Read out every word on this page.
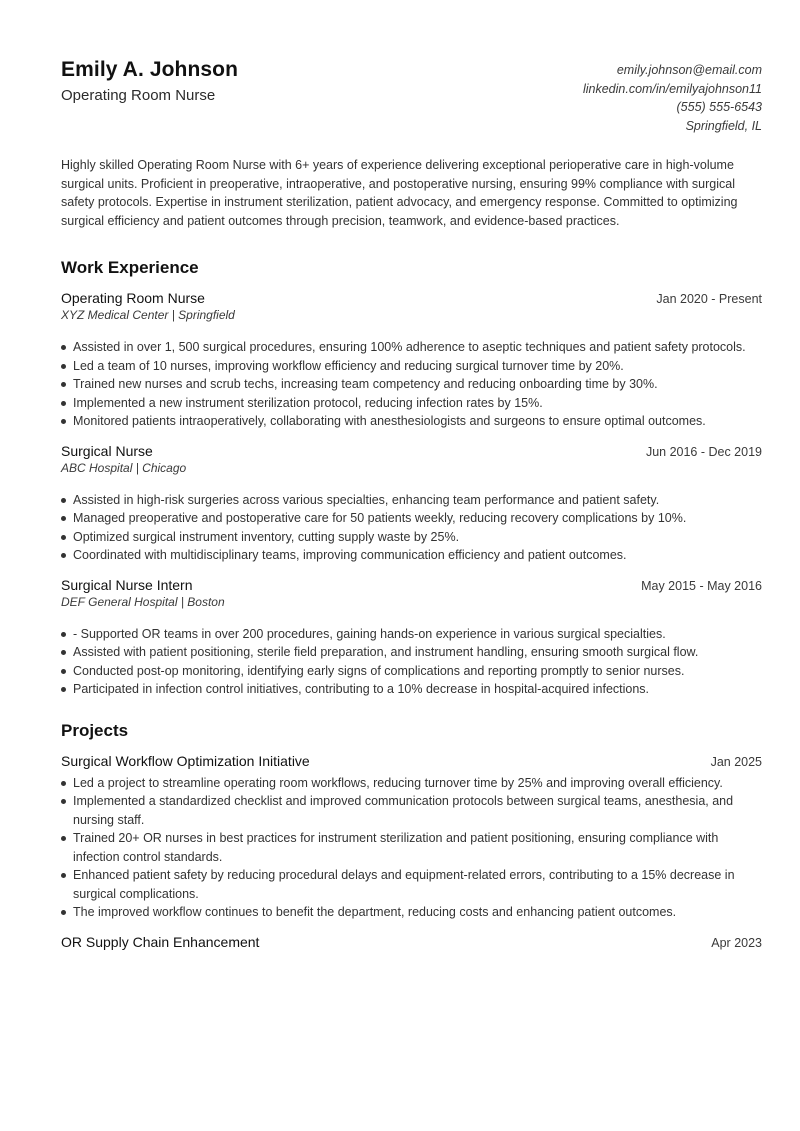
Emily A. Johnson
Operating Room Nurse
emily.johnson@email.com
linkedin.com/in/emilyajohnson11
(555) 555-6543
Springfield, IL

Highly skilled Operating Room Nurse with 6+ years of experience delivering exceptional perioperative care in high-volume surgical units. Proficient in preoperative, intraoperative, and postoperative nursing, ensuring 99% compliance with surgical safety protocols. Expertise in instrument sterilization, patient advocacy, and emergency response. Committed to optimizing surgical efficiency and patient outcomes through precision, teamwork, and evidence-based practices.

Work Experience
Operating Room Nurse	Jan 2020 - Present
XYZ Medical Center | Springfield
Assisted in over 1, 500 surgical procedures, ensuring 100% adherence to aseptic techniques and patient safety protocols.
Led a team of 10 nurses, improving workflow efficiency and reducing surgical turnover time by 20%.
Trained new nurses and scrub techs, increasing team competency and reducing onboarding time by 30%.
Implemented a new instrument sterilization protocol, reducing infection rates by 15%.
Monitored patients intraoperatively, collaborating with anesthesiologists and surgeons to ensure optimal outcomes.
Surgical Nurse	Jun 2016 - Dec 2019
ABC Hospital | Chicago
Assisted in high-risk surgeries across various specialties, enhancing team performance and patient safety.
Managed preoperative and postoperative care for 50 patients weekly, reducing recovery complications by 10%.
Optimized surgical instrument inventory, cutting supply waste by 25%.
Coordinated with multidisciplinary teams, improving communication efficiency and patient outcomes.
Surgical Nurse Intern	May 2015 - May 2016
DEF General Hospital | Boston
- Supported OR teams in over 200 procedures, gaining hands-on experience in various surgical specialties.
Assisted with patient positioning, sterile field preparation, and instrument handling, ensuring smooth surgical flow.
Conducted post-op monitoring, identifying early signs of complications and reporting promptly to senior nurses.
Participated in infection control initiatives, contributing to a 10% decrease in hospital-acquired infections.
Projects
Surgical Workflow Optimization Initiative	Jan 2025
Led a project to streamline operating room workflows, reducing turnover time by 25% and improving overall efficiency.
Implemented a standardized checklist and improved communication protocols between surgical teams, anesthesia, and nursing staff.
Trained 20+ OR nurses in best practices for instrument sterilization and patient positioning, ensuring compliance with infection control standards.
Enhanced patient safety by reducing procedural delays and equipment-related errors, contributing to a 15% decrease in surgical complications.
The improved workflow continues to benefit the department, reducing costs and enhancing patient outcomes.
OR Supply Chain Enhancement	Apr 2023
